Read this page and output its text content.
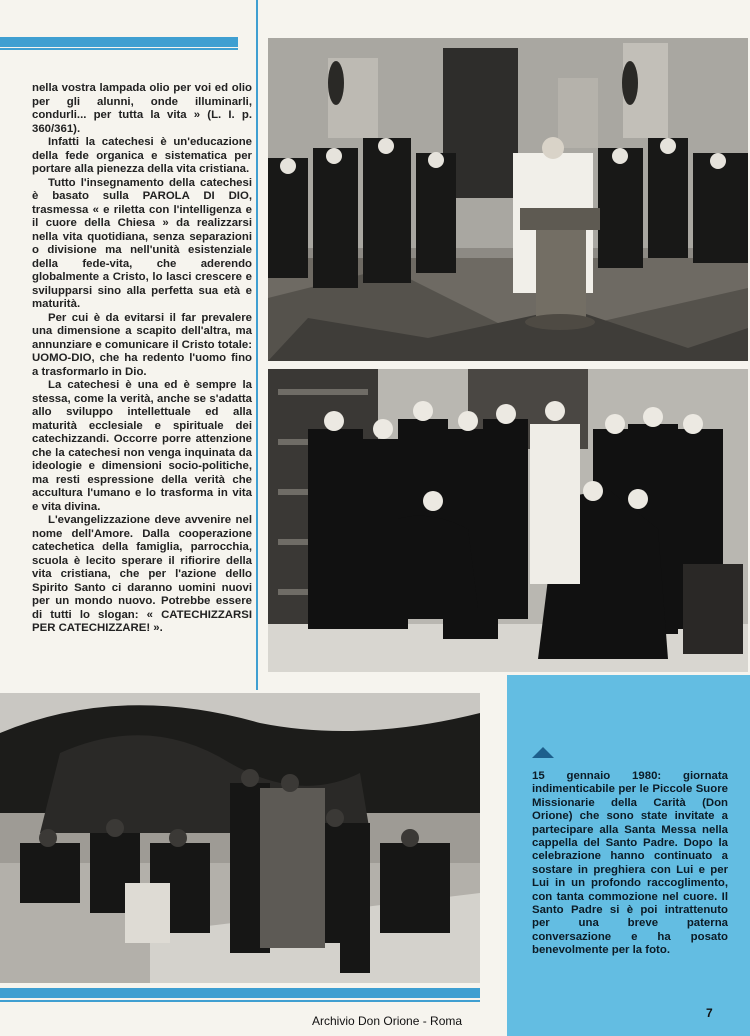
nella vostra lampada olio per voi ed olio per gli alunni, onde illuminarli, condurli... per tutta la vita » (L. I. p. 360/361).

Infatti la catechesi è un'educazione della fede organica e sistematica per portare alla pienezza della vita cristiana.

Tutto l'insegnamento della catechesi è basato sulla PAROLA DI DIO, trasmessa « e riletta con l'intelligenza e il cuore della Chiesa » da realizzarsi nella vita quotidiana, senza separazioni o divisione ma nell'unità esistenziale della fede-vita, che aderendo globalmente a Cristo, lo lasci crescere e svilupparsi sino alla perfetta sua età e maturità.

Per cui è da evitarsi il far prevalere una dimensione a scapito dell'altra, ma annunziare e comunicare il Cristo totale: UOMO-DIO, che ha redento l'uomo fino a trasformarlo in Dio.

La catechesi è una ed è sempre la stessa, come la verità, anche se s'adatta allo sviluppo intellettuale ed alla maturità ecclesiale e spirituale dei catechizzandi. Occorre porre attenzione che la catechesi non venga inquinata da ideologie e dimensioni socio-politiche, ma resti espressione della verità che accultura l'umano e lo trasforma in vita e vita divina.

L'evangelizzazione deve avvenire nel nome dell'Amore. Dalla cooperazione catechetica della famiglia, parrocchia, scuola è lecito sperare il rifiorire della vita cristiana, che per l'azione dello Spirito Santo ci daranno uomini nuovi per un mondo nuovo. Potrebbe essere di tutti lo slogan: « CATECHIZZARSI PER CATECHIZZARE! ».

15 gennaio 1980: giornata indimenticabile per le Piccole Suore Missionarie della Carità (Don Orione) che sono state invitate a partecipare alla Santa Messa nella cappella del Santo Padre. Dopo la celebrazione hanno continuato a sostare in preghiera con Lui e per Lui in un profondo raccoglimento, con tanta commozione nel cuore. Il Santo Padre si è poi intrattenuto per una breve paterna conversazione e ha posato benevolmente per la foto.
Archivio Don Orione - Roma
7
